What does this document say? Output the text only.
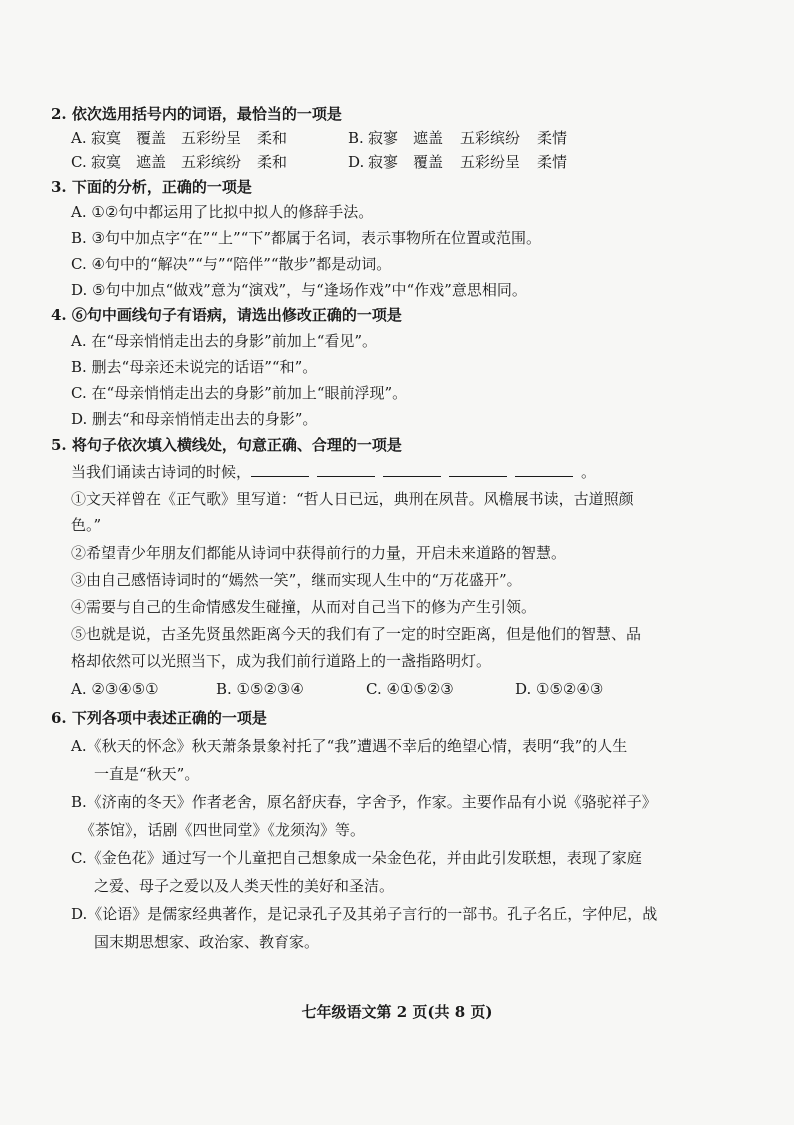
2. 依次选用括号内的词语，最恰当的一项是
A. 寂寞 覆盖 五彩纷呈 柔和	B. 寂寥 遮盖 五彩缤纷 柔情
C. 寂寞 遮盖 五彩缤纷 柔和	D. 寂寥 覆盖 五彩纷呈 柔情
3. 下面的分析，正确的一项是
A. ①②句中都运用了比拟中拟人的修辞手法。
B. ③句中加点字“在”“上”“下”都属于名词，表示事物所在位置或范围。
C. ④句中的“解决”“与”“陪伴”“散步”都是动词。
D. ⑤句中加点“做戏”意为“演戏”，与“逢场作戏”中“作戏”意思相同。
4. ⑥句中画线句子有语病，请选出修改正确的一项是
A. 在“母亲悄悄走出去的身影”前加上“看见”。
B. 删去“母亲还未说完的话语”“和”。
C. 在“母亲悄悄走出去的身影”前加上“眼前浮现”。
D. 删去“和母亲悄悄走出去的身影”。
5. 将句子依次填入横线处，句意正确、合理的一项是
当我们诵读古诗词的时候，	。
①文天祥曾在《正气歌》里写道：“哲人日已远，典刑在夙昔。风檐展书读，古道照颜
色。”
②希望青少年朋友们都能从诗词中获得前行的力量，开启未来道路的智慧。
③由自己感悟诗词时的“嫣然一笑”，继而实现人生中的“万花盛开”。
④需要与自己的生命情感发生碰撞，从而对自己当下的修为产生引领。
⑤也就是说，古圣先贤虽然距离今天的我们有了一定的时空距离，但是他们的智慧、品
格却依然可以光照当下，成为我们前行道路上的一盏指路明灯。
A. ②③④⑤①	B. ①⑤②③④	C. ④①⑤②③	D. ①⑤②④③
6. 下列各项中表述正确的一项是
A.《秋天的怀念》秋天萧条景象衬托了“我”遭遇不幸后的绝望心情，表明“我”的人生
一直是“秋天”。
B.《济南的冬天》作者老舍，原名舒庆春，字舍予，作家。主要作品有小说《骆驼祥子》
《茶馆》，话剧《四世同堂》《龙须沟》等。
C.《金色花》通过写一个儿童把自己想象成一朵金色花，并由此引发联想，表现了家庭
之爱、母子之爱以及人类天性的美好和圣洁。
D.《论语》是儒家经典著作，是记录孔子及其弟子言行的一部书。孔子名丘，字仲尼，战
国末期思想家、政治家、教育家。
七年级语文第 2 页(共 8 页)
